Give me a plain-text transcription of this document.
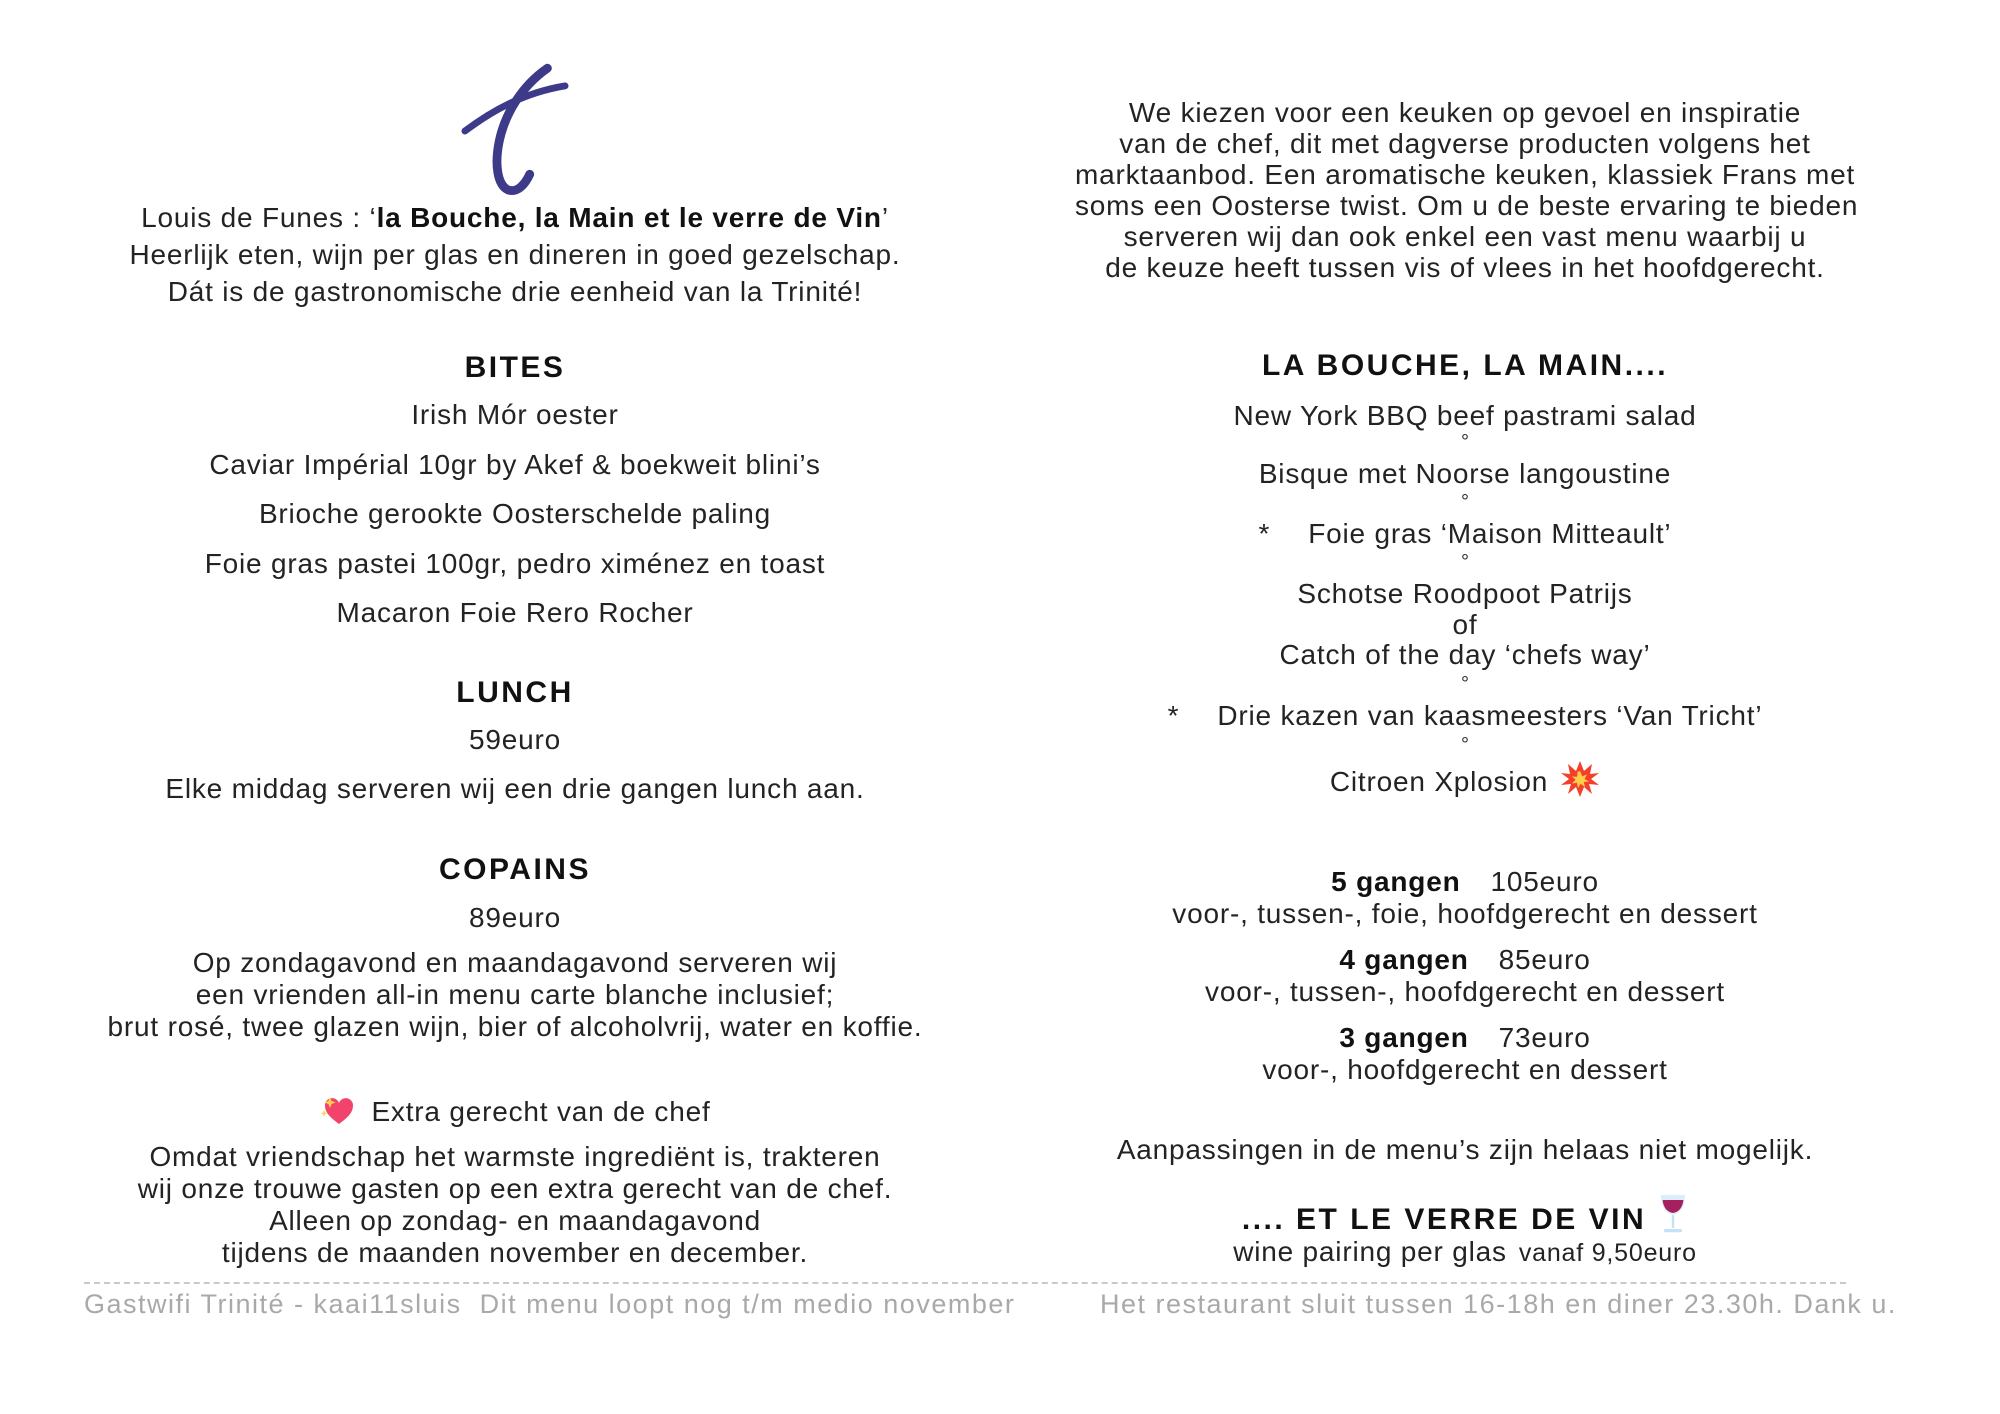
Louis de Funes : ‘la Bouche, la Main et le verre de Vin’
Heerlijk eten, wijn per glas en dineren in goed gezelschap.
Dát is de gastronomische drie eenheid van la Trinité!
BITES
Irish Mór oester
Caviar Impérial 10gr by Akef & boekweit blini’s
Brioche gerookte Oosterschelde paling
Foie gras pastei 100gr, pedro ximénez en toast
Macaron Foie Rero Rocher
LUNCH
59euro
Elke middag serveren wij een drie gangen lunch aan.
COPAINS
89euro
Op zondagavond en maandagavond serveren wij
een vrienden all-in menu carte blanche inclusief;
brut rosé, twee glazen wijn, bier of alcoholvrij, water en koffie.
Extra gerecht van de chef
Omdat vriendschap het warmste ingrediënt is, trakteren
wij onze trouwe gasten op een extra gerecht van de chef.
Alleen op zondag- en maandagavond
tijdens de maanden november en december.
We kiezen voor een keuken op gevoel en inspiratie
van de chef, dit met dagverse producten volgens het
marktaanbod. Een aromatische keuken, klassiek Frans met
soms een Oosterse twist. Om u de beste ervaring te bieden
serveren wij dan ook enkel een vast menu waarbij u
de keuze heeft tussen vis of vlees in het hoofdgerecht.
LA BOUCHE, LA MAIN....
New York BBQ beef pastrami salad
°
Bisque met Noorse langoustine
°
* Foie gras ‘Maison Mitteault’
°
Schotse Roodpoot Patrijs
of
Catch of the day ‘chefs way’
°
* Drie kazen van kaasmeesters ‘Van Tricht’
°
Citroen Xplosion
5 gangen 105euro
voor-, tussen-, foie, hoofdgerecht en dessert
4 gangen 85euro
voor-, tussen-, hoofdgerecht en dessert
3 gangen 73euro
voor-, hoofdgerecht en dessert
Aanpassingen in de menu’s zijn helaas niet mogelijk.
.... ET LE VERRE DE VIN
wine pairing per glas vanaf 9,50euro
Gastwifi Trinité - kaai11sluis  Dit menu loopt nog t/m medio november	Het restaurant sluit tussen 16-18h en diner 23.30h. Dank u.
